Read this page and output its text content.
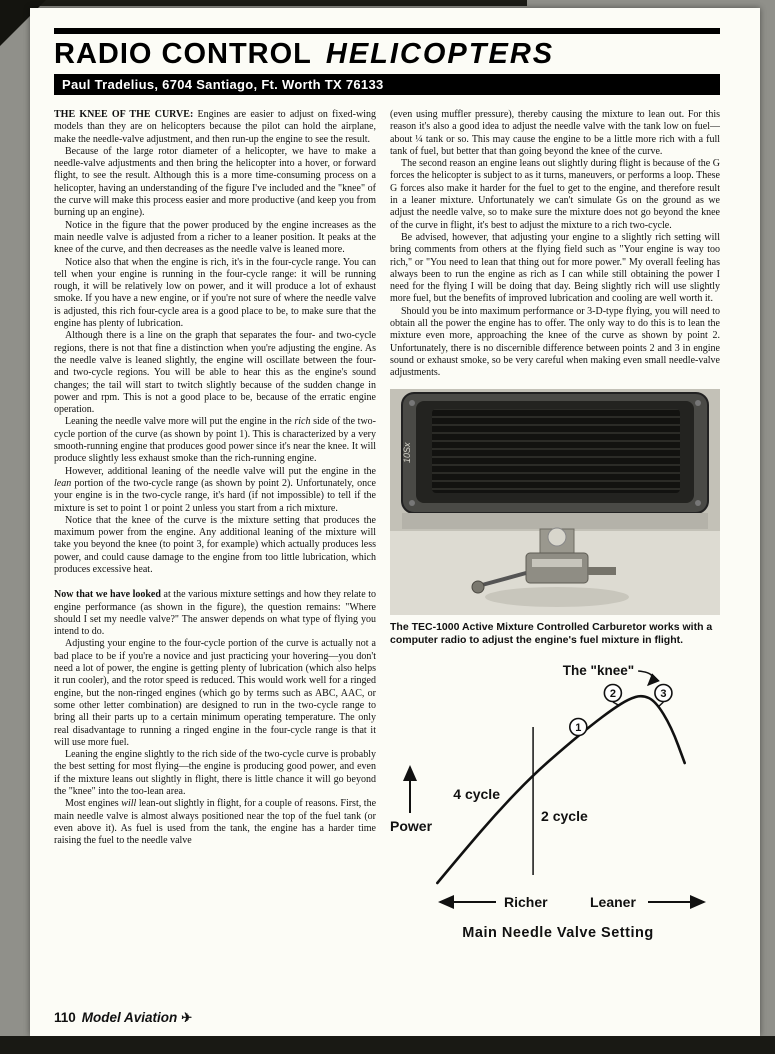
RADIO CONTROL HELICOPTERS
Paul Tradelius, 6704 Santiago, Ft. Worth TX 76133

THE KNEE OF THE CURVE: Engines are easier to adjust on fixed-wing models than they are on helicopters because the pilot can hold the airplane, make the needle-valve adjustment, and then run-up the engine to see the result.

Because of the large rotor diameter of a helicopter, we have to make a needle-valve adjustments and then bring the helicopter into a hover, or forward flight, to see the result. Although this is a more time-consuming process on a helicopter, having an understanding of the figure I've included and the "knee" of the curve will make this process easier and more productive (and keep you from burning up an engine).

Notice in the figure that the power produced by the engine increases as the main needle valve is adjusted from a richer to a leaner position. It peaks at the knee of the curve, and then decreases as the needle valve is leaned more.

Notice also that when the engine is rich, it's in the four-cycle range. You can tell when your engine is running in the four-cycle range: it will be running rough, it will be relatively low on power, and it will produce a lot of exhaust smoke. If you have a new engine, or if you're not sure of where the needle valve is adjusted, this rich four-cycle area is a good place to be, to make sure that the engine has plenty of lubrication.

Although there is a line on the graph that separates the four- and two-cycle regions, there is not that fine a distinction when you're adjusting the engine. As the needle valve is leaned slightly, the engine will oscillate between the four- and two-cycle regions. You will be able to hear this as the engine's sound changes; the tail will start to twitch slightly because of the sudden change in power and rpm. This is not a good place to be, because of the erratic engine operation.

Leaning the needle valve more will put the engine in the rich side of the two-cycle portion of the curve (as shown by point 1). This is characterized by a very smooth-running engine that produces good power since it's near the knee. It will produce slightly less exhaust smoke than the rich-running engine.

However, additional leaning of the needle valve will put the engine in the lean portion of the two-cycle range (as shown by point 2). Unfortunately, once your engine is in the two-cycle range, it's hard (if not impossible) to tell if the mixture is set to point 1 or point 2 unless you start from a rich mixture.

Notice that the knee of the curve is the mixture setting that produces the maximum power from the engine. Any additional leaning of the mixture will take you beyond the knee (to point 3, for example) which actually produces less power, and could cause damage to the engine from too little lubrication, which produces excessive heat.

Now that we have looked at the various mixture settings and how they relate to engine performance (as shown in the figure), the question remains: "Where should I set my needle valve?" The answer depends on what type of flying you intend to do.

Adjusting your engine to the four-cycle portion of the curve is actually not a bad place to be if you're a novice and just practicing your hovering—you don't need a lot of power, the engine is getting plenty of lubrication (which also helps it run cooler), and the rotor speed is reduced. This would work well for a ringed engine, but the non-ringed engines (which go by terms such as ABC, AAC, or some other letter combination) are designed to run in the two-cycle range to bring all their parts up to a certain minimum operating temperature. The only real disadvantage to running a ringed engine in the four-cycle range is that it will use more fuel.

Leaning the engine slightly to the rich side of the two-cycle curve is probably the best setting for most flying—the engine is producing good power, and even if the mixture leans out slightly in flight, there is little chance it will go beyond the "knee" into the too-lean area.

Most engines will lean-out slightly in flight, for a couple of reasons. First, the main needle valve is almost always positioned near the top of the fuel tank (or even above it). As fuel is used from the tank, the engine has a harder time raising the fuel to the needle valve

(even using muffler pressure), thereby causing the mixture to lean out. For this reason it's also a good idea to adjust the needle valve with the tank low on fuel—about ¼ tank or so. This may cause the engine to be a little more rich with a full tank of fuel, but better that than going beyond the knee of the curve.

The second reason an engine leans out slightly during flight is because of the G forces the helicopter is subject to as it turns, maneuvers, or performs a loop. These G forces also make it harder for the fuel to get to the engine, and therefore result in a leaner mixture. Unfortunately we can't simulate Gs on the ground as we adjust the needle valve, so to make sure the mixture does not go beyond the knee of the curve in flight, it's best to adjust the mixture to a rich two-cycle.

Be advised, however, that adjusting your engine to a slightly rich setting will bring comments from others at the flying field such as "Your engine is way too rich," or "You need to lean that thing out for more power." My overall feeling has always been to run the engine as rich as I can while still obtaining the power I need for the flying I will be doing that day. Being slightly rich will use slightly more fuel, but the benefits of improved lubrication and cooling are well worth it.

Should you be into maximum performance or 3-D-type flying, you will need to obtain all the power the engine has to offer. The only way to do this is to lean the mixture even more, approaching the knee of the curve as shown by point 2. Unfortunately, there is no discernible difference between points 2 and 3 in engine sound or exhaust smoke, so be very careful when making even small needle-valve adjustments.

10Sx
The TEC-1000 Active Mixture Controlled Carburetor works with a computer radio to adjust the engine's fuel mixture in flight.
4 cycle
2 cycle
1
2	3
The "knee"
Power
Richer	Leaner
Main Needle Valve Setting
110 Model Aviation ✈
